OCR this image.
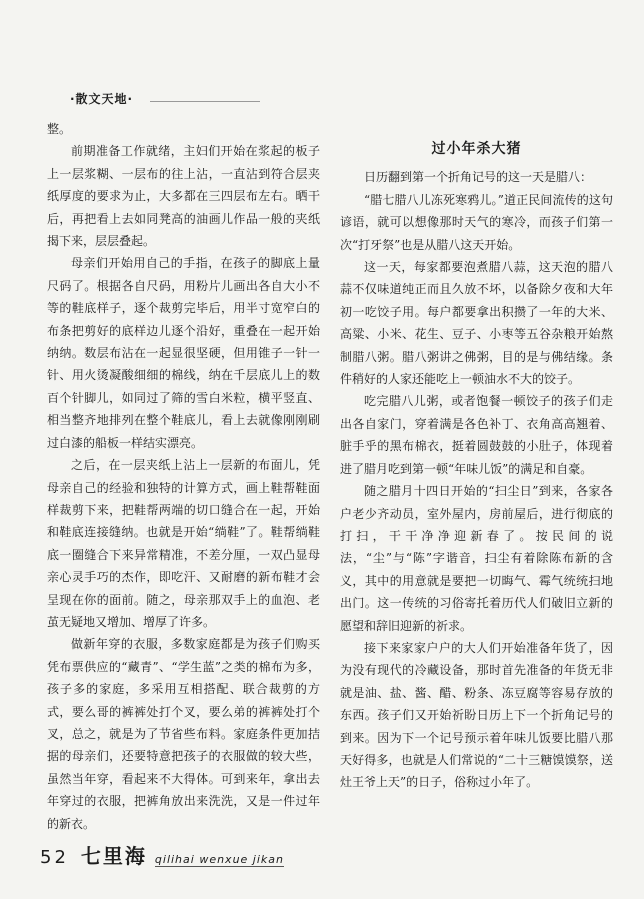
·散文天地·

整。

前期准备工作就绪，主妇们开始在浆起的板子上一层浆糊、一层布的往上沾，一直沾到符合层夹纸厚度的要求为止，大多都在三四层布左右。晒干后，再把看上去如同凳高的油画儿作品一般的夹纸揭下来，层层叠起。

母亲们开始用自己的手指，在孩子的脚底上量尺码了。根据各自尺码，用粉片儿画出各自大小不等的鞋底样子，逐个裁剪完毕后，用半寸宽窄白的布条把剪好的底样边儿逐个沿好，重叠在一起开始纳纳。数层布沾在一起显很坚硬，但用锥子一针一针、用火烫凝酸细细的棉线，纳在千层底儿上的数百个针脚儿，如同过了筛的雪白米粒，横平竖直、相当整齐地排列在整个鞋底儿，看上去就像刚刚刷过白漆的船板一样结实漂亮。

之后，在一层夹纸上沾上一层新的布面儿，凭母亲自己的经验和独特的计算方式，画上鞋帮鞋面样裁剪下来，把鞋帮两端的切口缝合在一起，开始和鞋底连接缝纳。也就是开始“绱鞋”了。鞋帮绱鞋底一圈缝合下来异常精准，不差分厘，一双凸显母亲心灵手巧的杰作，即吃汗、又耐磨的新布鞋才会呈现在你的面前。随之，母亲那双手上的血泡、老茧无疑地又增加、增厚了许多。

做新年穿的衣服，多数家庭都是为孩子们购买凭布票供应的“藏青”、“学生蓝”之类的棉布为多，孩子多的家庭，多采用互相搭配、联合裁剪的方式，要么哥的裤裤处打个叉，要么弟的裤裤处打个叉，总之，就是为了节省些布料。家庭条件更加拮据的母亲们，还要特意把孩子的衣服做的较大些，虽然当年穿，看起来不大得体。可到来年，拿出去年穿过的衣服，把裤角放出来洗洗，又是一件过年的新衣。

过小年杀大猪

日历翻到第一个折角记号的这一天是腊八：

“腊七腊八儿冻死寒鸦儿。”道正民间流传的这句谚语，就可以想像那时天气的寒冷，而孩子们第一次“打牙祭”也是从腊八这天开始。

这一天，每家都要泡煮腊八蒜，这天泡的腊八蒜不仅味道纯正而且久放不坏，以备除夕夜和大年初一吃饺子用。每户都要拿出积攒了一年的大米、高粱、小米、花生、豆子、小枣等五谷杂粮开始熬制腊八粥。腊八粥讲之佛粥，目的是与佛结缘。条件稍好的人家还能吃上一顿油水不大的饺子。

吃完腊八儿粥，或者饱餐一顿饺子的孩子们走出各自家门，穿着满是各色补丁、衣角高高翘着、脏手乎的黑布棉衣，挺着圆鼓鼓的小肚子，体现着进了腊月吃到第一顿“年味儿饭”的满足和自豪。

随之腊月十四日开始的“扫尘日”到来，各家各户老少齐动员，室外屋内，房前屋后，进行彻底的打扫，干干净净迎新春了。按民间的说法，“尘”与“陈”字谐音，扫尘有着除陈布新的含义，其中的用意就是要把一切晦气、霉气统统扫地出门。这一传统的习俗寄托着历代人们破旧立新的愿望和辞旧迎新的祈求。

接下来家家户户的大人们开始准备年货了，因为没有现代的冷藏设备，那时首先准备的年货无非就是油、盐、酱、醋、粉条、冻豆腐等容易存放的东西。孩子们又开始祈盼日历上下一个折角记号的到来。因为下一个记号预示着年味儿饭要比腊八那天好得多，也就是人们常说的“二十三糖馍馍祭，送灶王爷上天”的日子，俗称过小年了。

52 七里海 qilihai wenxue jikan
